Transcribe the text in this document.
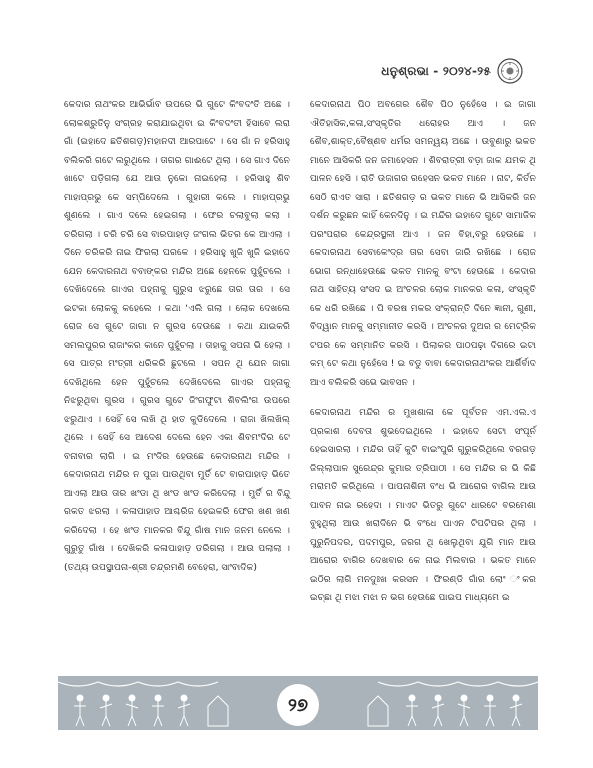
ଧନୁଶ୍ରଭା - ୨୦୨୪-୨୫

କେଦାର ନାଥଂକର ଆଭିର୍ଭାବ ଉପରେ ଭି ଗୁଟେ କିଂବଦଂତି ଅଛେ । ଲୋକଶ୍ରୁତିନୁ ସଂଗ୍ରହ କରାଯାଇଥିବା ଇ କିଂବଦଂତୀ ହିସାବେ ଲରା ଗାଁ (ଇହାଦେ ଛତିଶଗଡ଼)ମହାନଦୀ ଆରପାଟେ । ସେ ଗାଁ ନ ହରିସାହୁ ବଲିକରି ଗଟେ ଲରୁଥିଲେ । ତାଗର ଗାଈଟେ ଥିଲା । ସେ ଗାଏ ଦିନେ ଖାଟେ ପଡ଼ିଗଲା ଯେ ଆଉ ନୁକୋ ନାଇହେଲା । ହରିସାହୁ ଶିବ ମାହାପ୍ରଭୁ କେ ସମ୍ପିଦେଲେ । ଗୁହାରୀ କଲେ । ମାହାପ୍ରଭୁ ଶୁଣଲେ । ଗାଏ ଦଲେ ହେଇଗଲା । ଫେର ଚଲାବୁଲା କଲା । ଚରିଗଲା । ଚରି ଚରି ସେ ବାରପାହାଡ଼ ଜଂଗଲ ଭିତର କେ ଆଏଲା । ଦିନେ ଚରିକରି ନାଇ ଫିରଲା ଘରକେ । ହରିସାହୁ ଖୁଜି ଖୁଜି ଇହାଦେ ଯେନ କେଦାରନାଥ ବବାଙ୍କର ମନ୍ଦିର ଅଛେ ହେନକେ ପୁହୁଁଚଲେ । ଦେଖିଦେଲେ ଗାଏର ପହ୍ନାକୁ ଗୁରୁସ ଝରୁଛେ ତାର ତାର । ସେ ଇଟକା ଲୋକକୁ କହେଲେ । କଥା ‘ଏଲି ଗଲା । ଲୋକ ଦେଖଲେ ରୋଜ ସେ ଗୁଟେ ଜାଗା ନ ଗୁରସ ଦେଉଛେ । କଥା ଯାଇକରି ସମଲପୁରର ରାଜାଂକର କାନେ ପୁହୁଁଚଲା । ତାହାକୁ ସପନା ଭି ହେଲା । ସେ ପାତ୍ର ମଂତ୍ରୀ ଧରିକରି ଛୁଟଲେ । ସପନ ଥି ଯେନ ଜାଗା ଦେଖିଥିଲେ ହେନ ପୁହୁଁଚଲେ ଦେଖିଦେଲେ ଗାଏର ପହ୍ନାକୁ ନିଝରୁଥିବା ଗୁରସ । ଗୁରସ ଗୁଟେ ଜିଂଗଫୁଟା ଶିବଲିଂଗ ଉପରେ ଝରୁଥାଏ । ସେହିଁ ସେ ଲଖି ଥି ହାତ କୁଡିଦେଲେ । ରାଜା ଖିଲଖିଲ୍ ଥିଲେ । ସେହିଁ ସେ ଆଦେଶ ଦେଲେ ହେନ ଏକା ଶିବମଂଦିର ଟେ ବନାବାର ଲାଗି । ଇ ମଂଦିର ହେଉଛେ କେଦାରନାଥ ମନ୍ଦିର ।କେଦାରନାଥ ମନ୍ଦିର ନ ପୁଜା ପାଉଥିବା ମୁର୍ତି ଟେ ବାରପାହାଡ଼ ଭିତେ ଆଏଲା ଆଉ ତାର ଖଂଡା ଥି ଖଂଡ ଖଂଡ କରିଦେଲା । ମୁର୍ତି ର ବିନ୍ଦୁ ରକତ ଝରଲା । କଳାପାହାଡ ଆଶ୍ଚରିଜ ହେଇକରି ଫେର ଖଣ ଖଣ କରିଦେଲା । ହେ ଖଂଡ ମାନକର ବିନ୍ଦୁ ଗାଁଷ ମାନ ଜନମ ନେଲେ । ଗୁରୁତୁ ଗାଁଷ । ଦେଖିକରି କଳାପାହାଡ଼ ଡରିଗଲା । ଆଉ ପଲାଲା । (ତଥ୍ୟ ଉପସ୍ଥାପନା-ଶ୍ରୀ ଚନ୍ଦ୍ରମଣି ବେହେରା, ସାଂବାଦିକ)

କେଦାରନାଥ ପିଠ ଅବଗେର ଶୈବ ପିଠ ନୁହେଁସେ । ଇ ଜାଗା ଐତିହାସିକ,କଳା,ସଂସ୍କୃତିର ଧରୋହର ଆଏ । ଜନ ଶୈବ,ଶାକ୍ତ,ବୈଷ୍ଣବ ଧର୍ମର ସମନ୍ୱୟ ଅଛେ । ଉବୁଣାରୁ ଭକତ ମାନେ ଆସିକରି ଜନ ଜମାହେସନ । ଶିବରାତ୍ରୀ ବଡ଼ା ଜାକ ଯମକ ଥି ପାଳନ ହେସି । ରାତି ଉଜାଗର ରହେସନ ଭକତ ମାନେ । ନାଟ, କିର୍ତନ ସେଠି ରାଏତ ସାରା । ଛତିଶଗଡ଼ ର ଭକତ ମାନେ ଭି ଆସିକରି ଜନ ଦର୍ଶନ କରୁଛନ କାହିଁ କେନଦିନୁ । ଇ ମନ୍ଦିର ଇହାଦେ ଗୁଟେ ସାମାଜିକ ପରଂପରାର କେନ୍ଦ୍ରସ୍ଥଳୀ ଆଏ । ଜନ ବିହା,ବରୁ ହେଉଛେ । କେଦାରନାଥ ସେବାକେଂଦ୍ର ତାର ସେବା ଜାରି ରଖିଛେ । ରୋଜ ଭୋଗ ରନ୍ଧାହେଉଛେ ଭକତ ମାନକୁ ବଂଟା ହେଉଛେ । କେଦାର ନାଥ ସାହିତ୍ୟ ସଂସଦ ଇ ଅଂଚଳର ଲୋକ ମାନକର କଳା, ସଂସ୍କୃତି କେ ଧରି ରଖିଛେ । ପି ବରଷ ମକର ସଂକ୍ରାନ୍ତି ଦିନେ ଜ୍ଞାନୀ, ଗୁଣୀ, ବିଦ୍ୱାନ ମାନକୁ ସମ୍ମାନୀତ କରସି । ଅଂଚଳର ଦୁଅର ର ମେଟ୍ରିକ ଟପର କେ ସମ୍ମାନିତ କରସି । ପିଲାକର ପାଠପଢ଼ା ଦିଗରେ ଇଟା କମ୍ ଟେ କଥା ନୁହେଁସେ ! ଇ ବଡୁ ବାବା କେଦାରନାଥଂକର ଆର୍ଶିର୍ବାଦ ଆଏ ବଲିକରି ସଭେ ଭାବସନ ।

କେଦାରନାଥ ମନ୍ଦିର ର ମୁଖଶାଳା କେ ପୂର୍ବତନ ଏମ.ଏଲ.ଏ ପ୍ରକାଶ ଦେବତା ଶୁଭଦେଇଥିଲେ । ଇହାଦେ ସେଟା ସଂପୂର୍ନ ହେଇସାରଲା । ମନ୍ଦିର ତାହିଁ କୁଟି ବାଇଂପୁରି ଗୁରୁକରିଥିଲେ ବରଗଡ଼ ଜିଲ୍ଲାପାଳ ସୁରେନ୍ଦ୍ର କୁମାର ତ୍ରିପାଠୀ । ସେ ମନ୍ଦିର ର ଭି କିଛି ମରାମତି କରିଥିଲେ । ପାପନାଶିନୀ ବଂଧ ଭି ଆରୋର ବାଗିଲ ଆଉ ପାବନ ନାଇ ରହେଦା । ମାଏଟ ଭିତରୁ ଗୁଟେ ଧାରଟେ ବରମେଶା ବୁହୁଥିଲା ଆଉ ଖରାଦିନେ ଭି ବଂଧେ ପାଏନ ଟିପଟିପର ଥିଲା । ପୁରୁନିପଦର, ପଦମପୁର, ଜରଗ ଥି ଖେଲୁଥିବା ଯୁଗି ମାନ ଆଉ ଆରୋର ବାଗିର ଦେଖବାର କେ ନାଇ ମିଲବାର । ଭକତ ମାନେ ଇଠିର ଲାଗି ମନଦୁଃଖ କରସନ । ଫିରଣ୍ଡି ଗାଁର ଲୋଂ ଂକର ଇଚ୍ଛା ଥି ମଝା ମଝା ନ ଭଗ ହେଉଛେ ପାଇପ ମାଧ୍ୟମେ ଇ

୨୭
